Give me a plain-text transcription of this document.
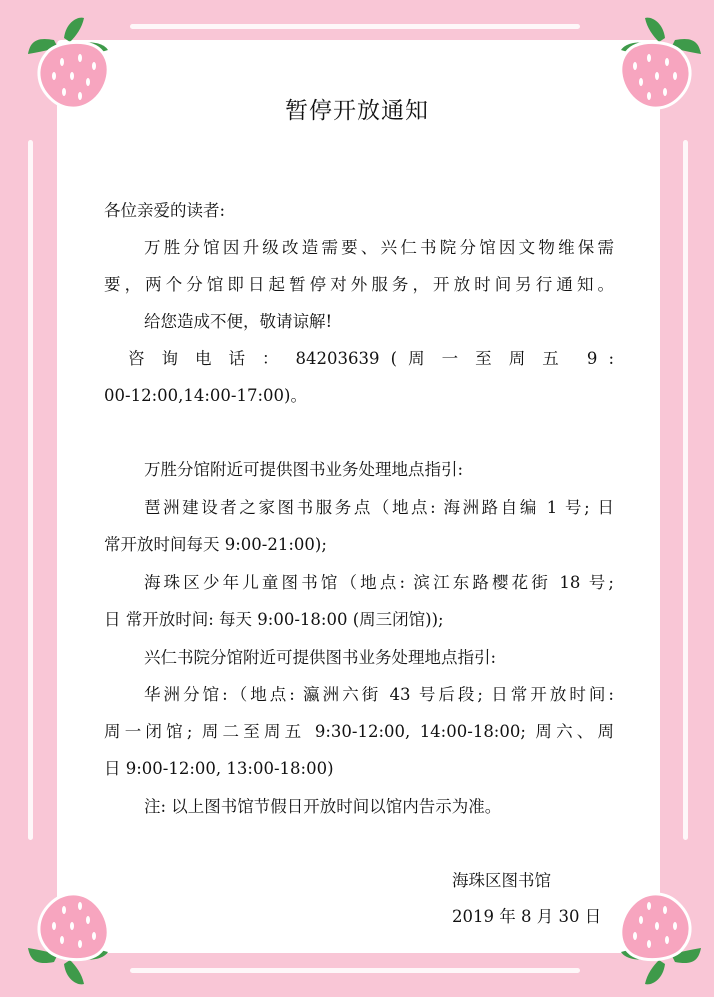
暂停开放通知
各位亲爱的读者:
万胜分馆因升级改造需要、兴仁书院分馆因文物维保需
要，两个分馆即日起暂停对外服务，开放时间另行通知。
给您造成不便，敬请谅解!
咨 询 电 话 ： 84203639 ( 周 一 至 周 五  9 :
00-12:00,14:00-17:00)。
万胜分馆附近可提供图书业务处理地点指引:
琶洲建设者之家图书服务点（地点: 海洲路自编 1 号; 日
常开放时间每天 9:00-21:00);
海珠区少年儿童图书馆（地点: 滨江东路樱花街 18 号;
日 常开放时间: 每天 9:00-18:00 (周三闭馆));
兴仁书院分馆附近可提供图书业务处理地点指引:
华洲分馆:（地点: 瀛洲六街 43 号后段; 日常开放时间:
周一闭馆; 周二至周五 9:30-12:00, 14:00-18:00; 周六、周
日 9:00-12:00, 13:00-18:00)
注: 以上图书馆节假日开放时间以馆内告示为准。
海珠区图书馆
2019 年 8 月 30 日
